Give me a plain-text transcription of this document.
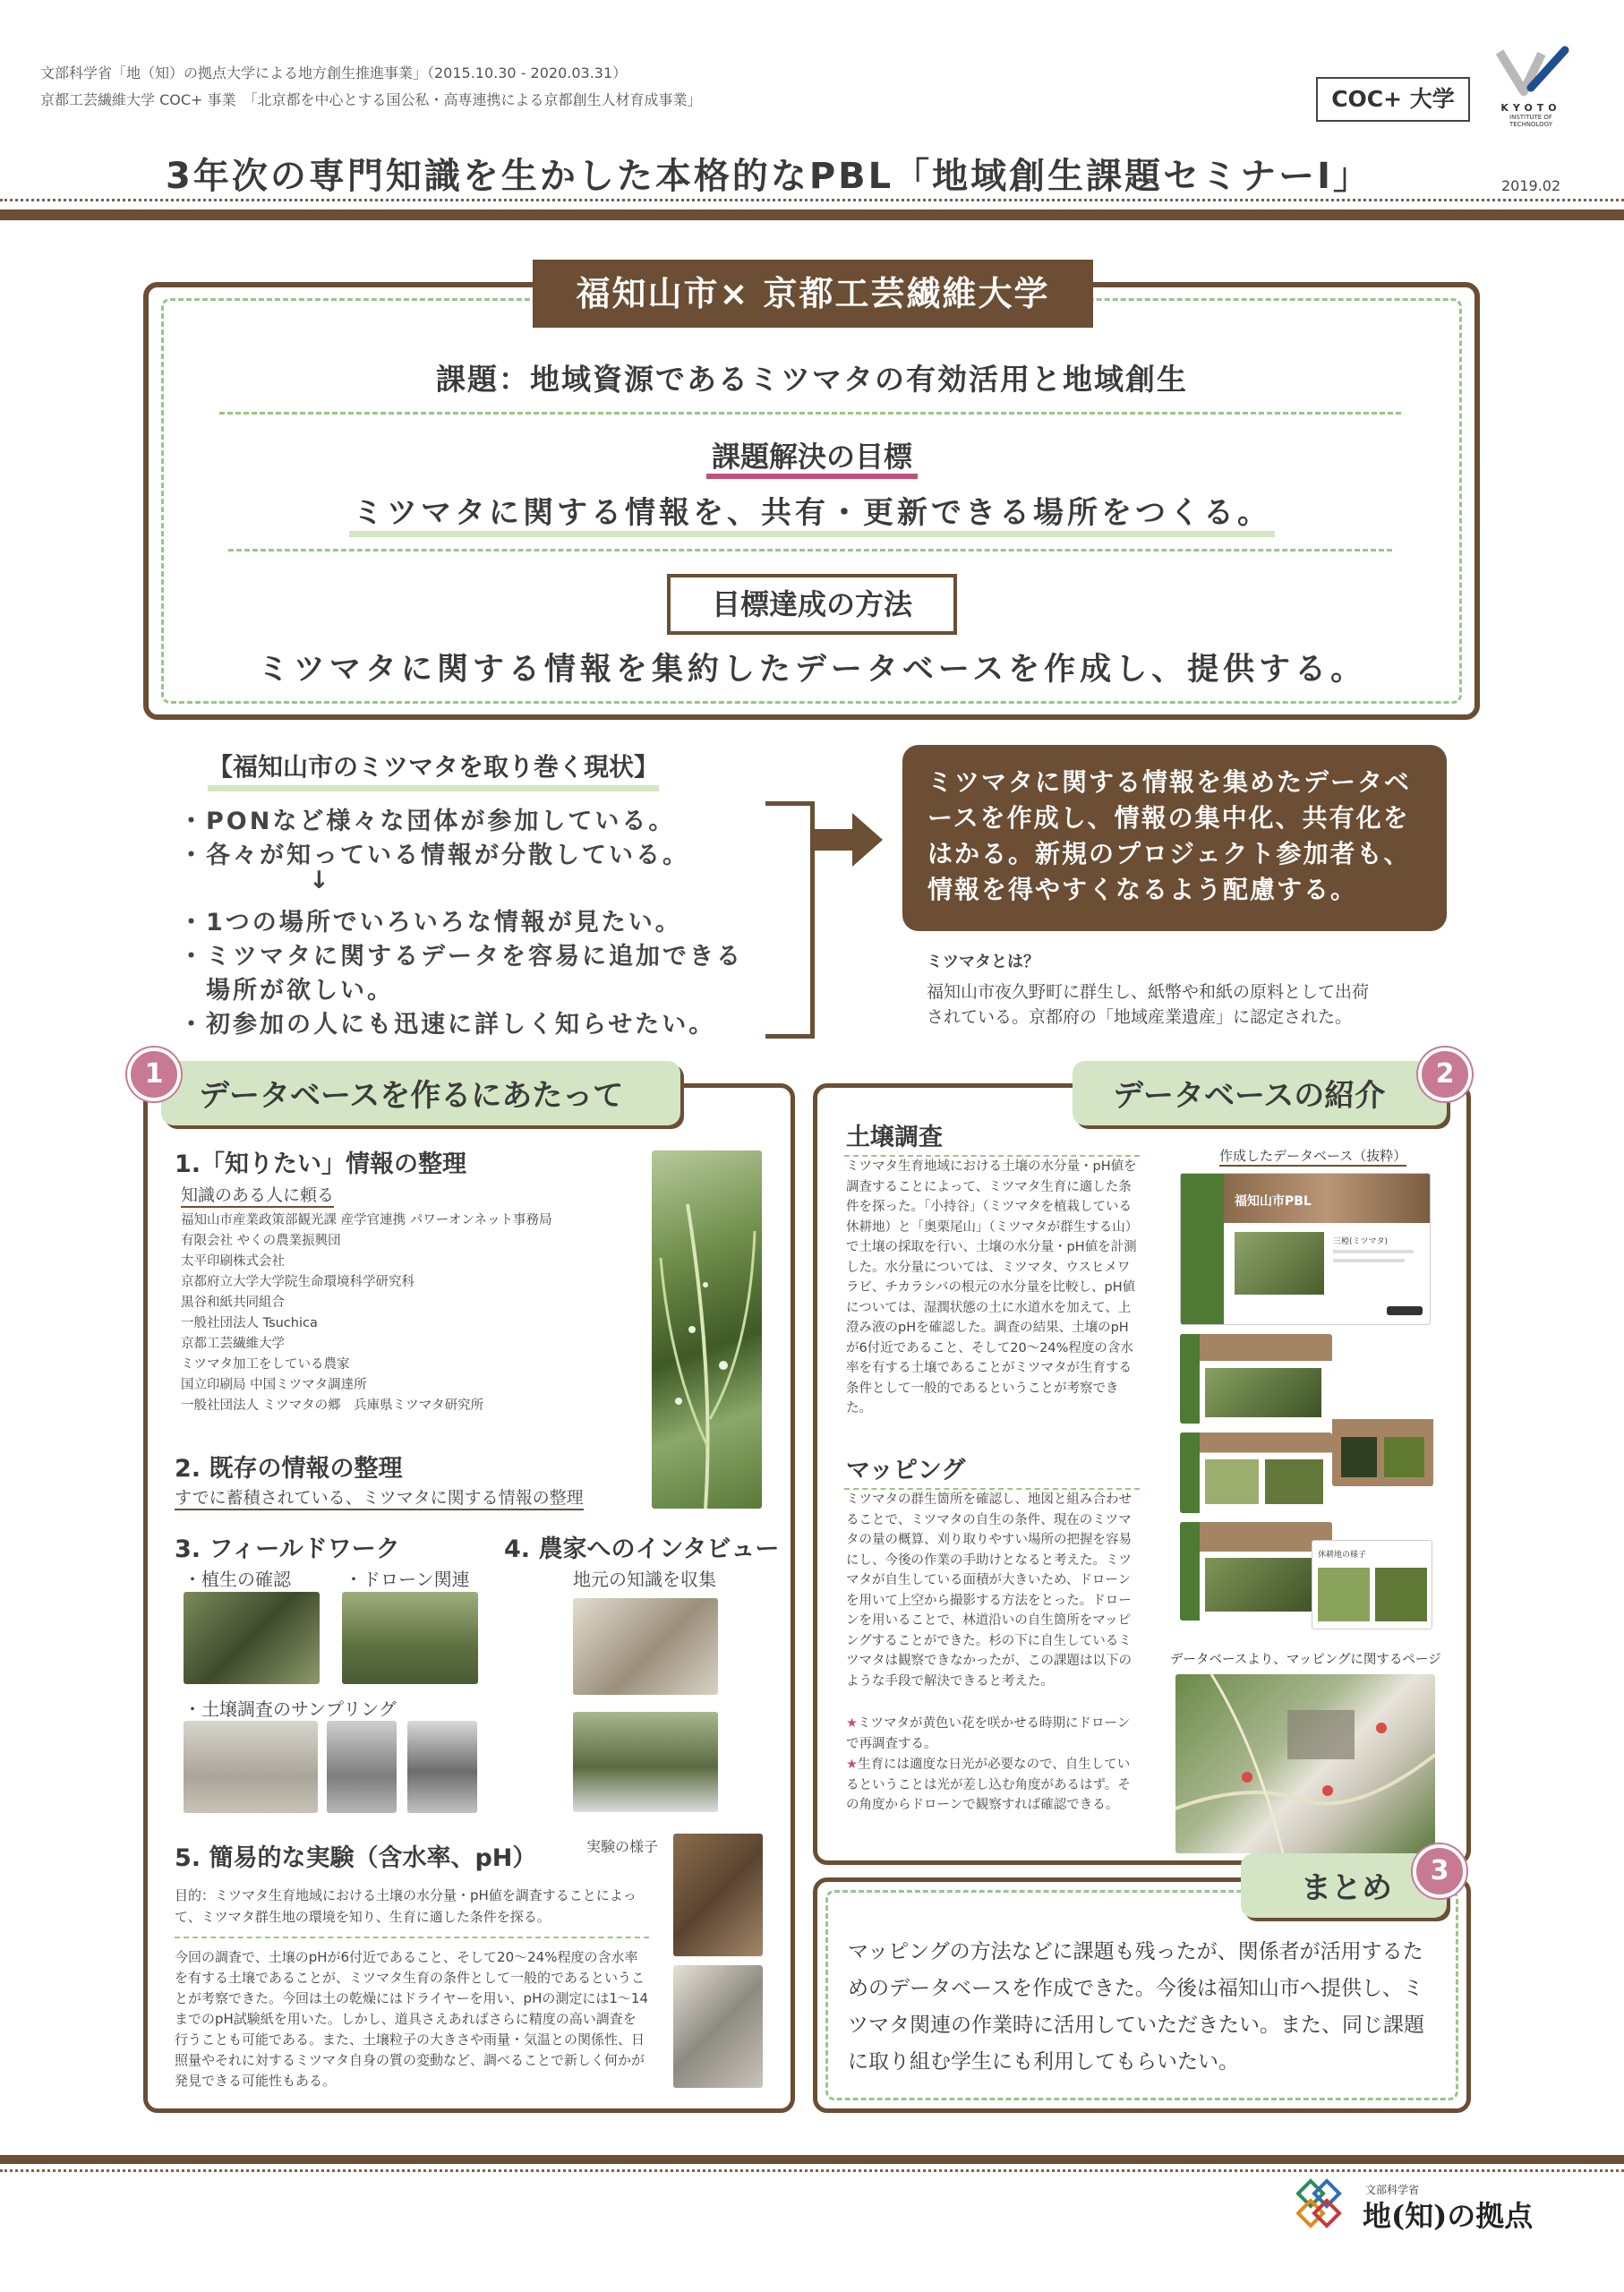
文部科学省「地（知）の拠点大学による地方創生推進事業」（2015.10.30 - 2020.03.31）
京都工芸繊維大学 COC+ 事業　「北京都を中心とする国公私・高専連携による京都創生人材育成事業」	COC+ 大学	KYOTO
INSTITUTE OF
TECHNOLOGY
3年次の専門知識を生かした本格的なPBL「地域創生課題セミナーⅠ」	2019.02
福知山市× 京都工芸繊維大学
課題：地域資源であるミツマタの有効活用と地域創生
課題解決の目標
ミツマタに関する情報を、共有・更新できる場所をつくる。
目標達成の方法
ミツマタに関する情報を集約したデータベースを作成し、提供する。
【福知山市のミツマタを取り巻く現状】
・PONなど様々な団体が参加している。
・各々が知っている情報が分散している。
↓
・1つの場所でいろいろな情報が見たい。
・ミツマタに関するデータを容易に追加できる
　場所が欲しい。
・初参加の人にも迅速に詳しく知らせたい。
ミツマタに関する情報を集めたデータベースを作成し、情報の集中化、共有化をはかる。新規のプロジェクト参加者も、情報を得やすくなるよう配慮する。
ミツマタとは？
福知山市夜久野町に群生し、紙幣や和紙の原料として出荷
されている。京都府の「地域産業遺産」に認定された。
データベースを作るにあたって
1
1.「知りたい」情報の整理
知識のある人に頼る
福知山市産業政策部観光課 産学官連携 パワーオンネット事務局
有限会社 やくの農業振興団
太平印刷株式会社
京都府立大学大学院生命環境科学研究科
黒谷和紙共同組合
一般社団法人 Tsuchica
京都工芸繊維大学
ミツマタ加工をしている農家
国立印刷局 中国ミツマタ調達所
一般社団法人 ミツマタの郷　兵庫県ミツマタ研究所
2. 既存の情報の整理
すでに蓄積されている、ミツマタに関する情報の整理
3. フィールドワーク
・植生の確認	・ドローン関連
・土壌調査のサンプリング
4. 農家へのインタビュー
地元の知識を収集
5. 簡易的な実験（含水率、pH）	実験の様子
目的：ミツマタ生育地域における土壌の水分量・pH値を調査することによって、ミツマタ群生地の環境を知り、生育に適した条件を探る。
今回の調査で、土壌のpHが6付近であること、そして20〜24%程度の含水率を有する土壌であることが、ミツマタ生育の条件として一般的であるということが考察できた。今回は土の乾燥にはドライヤーを用い、pHの測定には1〜14までのpH試験紙を用いた。しかし、道具さえあればさらに精度の高い調査を行うことも可能である。また、土壌粒子の大きさや雨量・気温との関係性、日照量やそれに対するミツマタ自身の質の変動など、調べることで新しく何かが発見できる可能性もある。
データベースの紹介
2
土壌調査
ミツマタ生育地域における土壌の水分量・pH値を調査することによって、ミツマタ生育に適した条件を探った。「小持谷」（ミツマタを植栽している休耕地）と「奥栗尾山」（ミツマタが群生する山）で土壌の採取を行い、土壌の水分量・pH値を計測した。水分量については、ミツマタ、ウスヒメワラビ、チカラシバの根元の水分量を比較し、pH値については、湿潤状態の土に水道水を加えて、上澄み液のpHを確認した。調査の結果、土壌のpHが6付近であること、そして20〜24%程度の含水率を有する土壌であることがミツマタが生育する条件として一般的であるということが考察できた。
マッピング
ミツマタの群生箇所を確認し、地図と組み合わせることで、ミツマタの自生の条件、現在のミツマタの量の概算、刈り取りやすい場所の把握を容易にし、今後の作業の手助けとなると考えた。ミツマタが自生している面積が大きいため、ドローンを用いて上空から撮影する方法をとった。ドローンを用いることで、林道沿いの自生箇所をマッピングすることができた。杉の下に自生しているミツマタは観察できなかったが、この課題は以下のような手段で解決できると考えた。
★ミツマタが黄色い花を咲かせる時期にドローンで再調査する。
★生育には適度な日光が必要なので、自生しているということは光が差し込む角度があるはず。その角度からドローンで観察すれば確認できる。
作成したデータベース（抜粋）
福知山市PBL
三椏(ミツマタ)
休耕地の様子
データベースより、マッピングに関するページ
まとめ	3
マッピングの方法などに課題も残ったが、関係者が活用するためのデータベースを作成できた。今後は福知山市へ提供し、ミツマタ関連の作業時に活用していただきたい。また、同じ課題に取り組む学生にも利用してもらいたい。
文部科学省
地(知)の拠点
